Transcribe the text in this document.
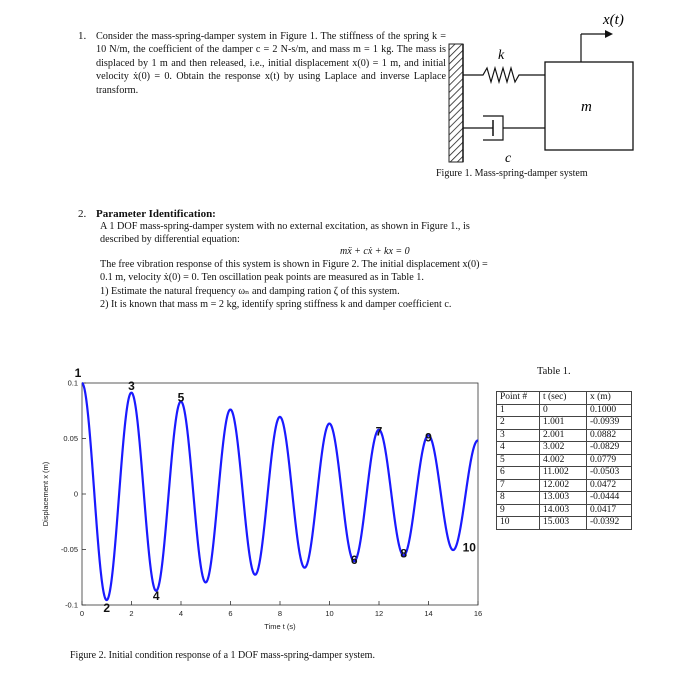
1. Consider the mass-spring-damper system in Figure 1. The stiffness of the spring k = 10 N/m, the coefficient of the damper c = 2 N-s/m, and mass m = 1 kg. The mass is displaced by 1 m and then released, i.e., initial displacement x(0) = 1 m, and initial velocity ẋ(0) = 0. Obtain the response x(t) by using Laplace and inverse Laplace transform.
x(t)
k
m
c
Figure 1. Mass-spring-damper system
2. Parameter Identification:
A 1 DOF mass-spring-damper system with no external excitation, as shown in Figure 1., is
described by differential equation:
mẍ + cẋ + kx = 0
The free vibration response of this system is shown in Figure 2. The initial displacement x(0) =
0.1 m, velocity ẋ(0) = 0. Ten oscillation peak points are measured as in Table 1.
1) Estimate the natural frequency ωₙ and damping ration ζ of this system.
2) It is known that mass m = 2 kg, identify spring stiffness k and damper coefficient c.
0	2	4	6	8	10	12	14	16
-0.1
-0.05
0
0.05
0.1
Time t (s)
Displacement x (m)
1
2
3
4
5
6
7
8
9
10
Figure 2. Initial condition response of a 1 DOF mass-spring-damper system.
Table 1.
Point #	t (sec)	x (m)
1	0	0.1000
2	1.001	-0.0939
3	2.001	0.0882
4	3.002	-0.0829
5	4.002	0.0779
6	11.002	-0.0503
7	12.002	0.0472
8	13.003	-0.0444
9	14.003	0.0417
10	15.003	-0.0392
